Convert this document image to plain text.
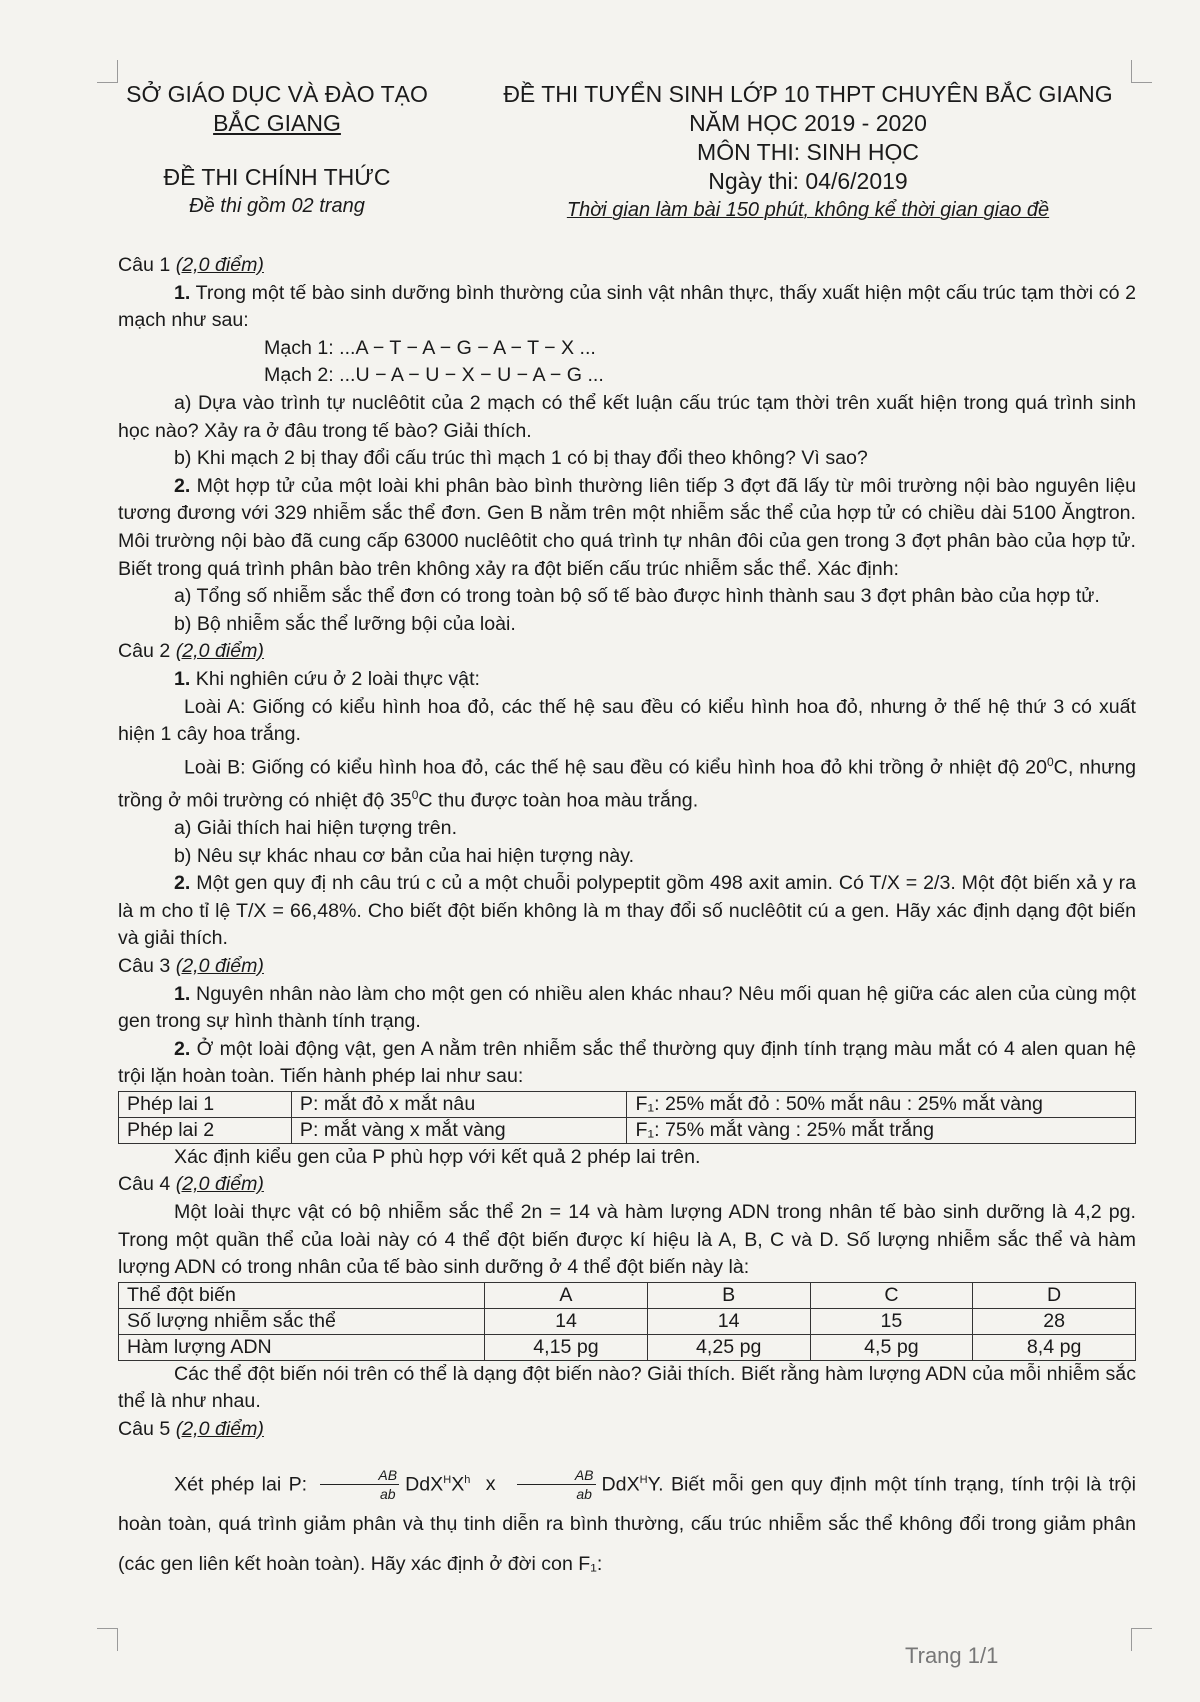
SỞ GIÁO DỤC VÀ ĐÀO TẠO
BẮC GIANG
ĐỀ THI CHÍNH THỨC
Đề thi gồm 02 trang
ĐỀ THI TUYỂN SINH LỚP 10 THPT CHUYÊN BẮC GIANG
NĂM HỌC 2019 - 2020
MÔN THI: SINH HỌC
Ngày thi: 04/6/2019
Thời gian làm bài 150 phút, không kể thời gian giao đề

Câu 1 (2,0 điểm)

1. Trong một tế bào sinh dưỡng bình thường của sinh vật nhân thực, thấy xuất hiện một cấu trúc tạm thời có 2 mạch như sau:

Mạch 1: ...A − T − A − G − A − T − X ...

Mạch 2: ...U − A − U − X − U − A − G ...

a) Dựa vào trình tự nuclêôtit của 2 mạch có thể kết luận cấu trúc tạm thời trên xuất hiện trong quá trình sinh học nào? Xảy ra ở đâu trong tế bào? Giải thích.

b) Khi mạch 2 bị thay đổi cấu trúc thì mạch 1 có bị thay đổi theo không? Vì sao?

2. Một hợp tử của một loài khi phân bào bình thường liên tiếp 3 đợt đã lấy từ môi trường nội bào nguyên liệu tương đương với 329 nhiễm sắc thể đơn. Gen B nằm trên một nhiễm sắc thể của hợp tử có chiều dài 5100 Ăngtron. Môi trường nội bào đã cung cấp 63000 nuclêôtit cho quá trình tự nhân đôi của gen trong 3 đợt phân bào của hợp tử. Biết trong quá trình phân bào trên không xảy ra đột biến cấu trúc nhiễm sắc thể. Xác định:

a) Tổng số nhiễm sắc thể đơn có trong toàn bộ số tế bào được hình thành sau 3 đợt phân bào của hợp tử.

b) Bộ nhiễm sắc thể lưỡng bội của loài.

Câu 2 (2,0 điểm)

1. Khi nghiên cứu ở 2 loài thực vật:

Loài A: Giống có kiểu hình hoa đỏ, các thế hệ sau đều có kiểu hình hoa đỏ, nhưng ở thế hệ thứ 3 có xuất hiện 1 cây hoa trắng.

Loài B: Giống có kiểu hình hoa đỏ, các thế hệ sau đều có kiểu hình hoa đỏ khi trồng ở nhiệt độ $20^0C$, nhưng trồng ở môi trường có nhiệt độ $35^0C$ thu được toàn hoa màu trắng.

a) Giải thích hai hiện tượng trên.

b) Nêu sự khác nhau cơ bản của hai hiện tượng này.

2. Một gen quy đị nh câu trú c củ a một chuỗi polypeptit gồm 498 axit amin. Có T/X = 2/3. Một đột biến xả y ra là m cho tỉ lệ T/X = 66,48%. Cho biết đột biến không là m thay đổi số nuclêôtit cú a gen. Hãy xác định dạng đột biến và giải thích.

Câu 3 (2,0 điểm)

1. Nguyên nhân nào làm cho một gen có nhiều alen khác nhau? Nêu mối quan hệ giữa các alen của cùng một gen trong sự hình thành tính trạng.

2. Ở một loài động vật, gen A nằm trên nhiễm sắc thể thường quy định tính trạng màu mắt có 4 alen quan hệ trội lặn hoàn toàn. Tiến hành phép lai như sau:

Phép lai 1	P: mắt đỏ x mắt nâu	F₁: 25% mắt đỏ : 50% mắt nâu : 25% mắt vàng
Phép lai 2	P: mắt vàng x mắt vàng	F₁: 75% mắt vàng : 25% mắt trắng

Xác định kiểu gen của P phù hợp với kết quả 2 phép lai trên.

Câu 4 (2,0 điểm)

Một loài thực vật có bộ nhiễm sắc thể 2n = 14 và hàm lượng ADN trong nhân tế bào sinh dưỡng là 4,2 pg. Trong một quần thể của loài này có 4 thể đột biến được kí hiệu là A, B, C và D. Số lượng nhiễm sắc thể và hàm lượng ADN có trong nhân của tế bào sinh dưỡng ở 4 thể đột biến này là:

Thể đột biến	A	B	C	D
Số lượng nhiễm sắc thể	14	14	15	28
Hàm lượng ADN	4,15 pg	4,25 pg	4,5 pg	8,4 pg

Các thể đột biến nói trên có thể là dạng đột biến nào? Giải thích. Biết rằng hàm lượng ADN của mỗi nhiễm sắc thể là như nhau.

Câu 5 (2,0 điểm)

Xét phép lai P: $\frac{AB}{ab} DdX^HX^h$ x $\frac{AB}{ab} DdX^HY$. Biết mỗi gen quy định một tính trạng, tính trội là trội hoàn toàn, quá trình giảm phân và thụ tinh diễn ra bình thường, cấu trúc nhiễm sắc thể không đổi trong giảm phân (các gen liên kết hoàn toàn). Hãy xác định ở đời con F₁:

Trang 1/1
